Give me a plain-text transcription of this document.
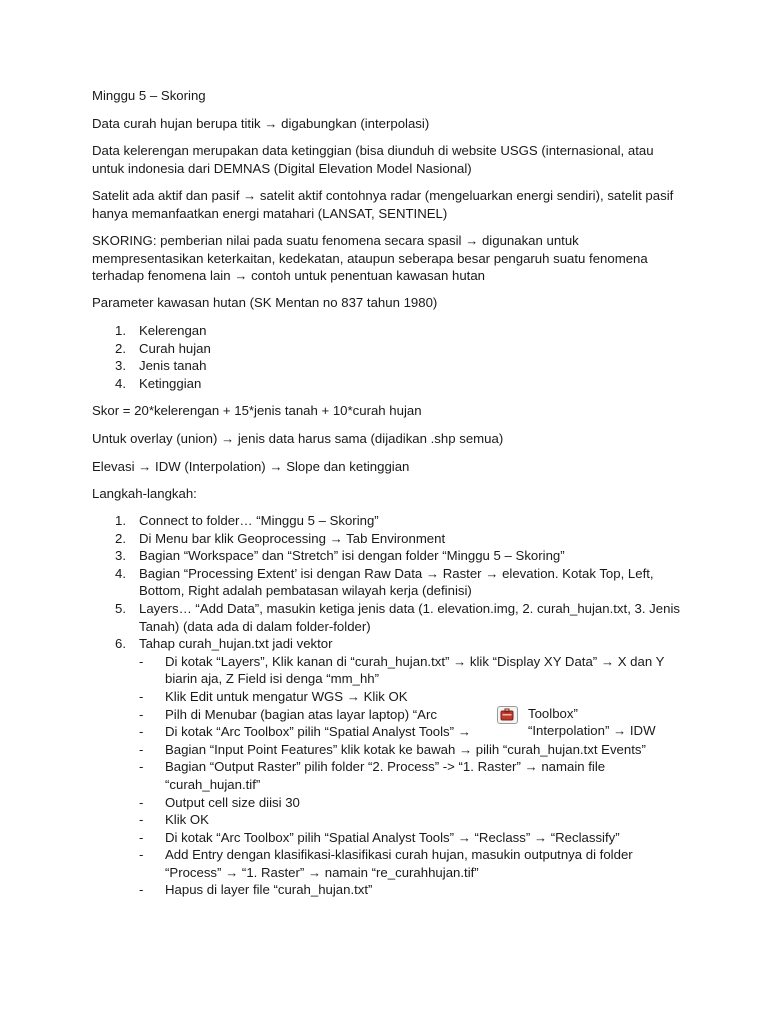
Minggu 5 – Skoring

Data curah hujan berupa titik → digabungkan (interpolasi)

Data kelerengan merupakan data ketinggian (bisa diunduh di website USGS (internasional, atau
untuk indonesia dari DEMNAS (Digital Elevation Model Nasional)

Satelit ada aktif dan pasif → satelit aktif contohnya radar (mengeluarkan energi sendiri), satelit pasif
hanya memanfaatkan energi matahari (LANSAT, SENTINEL)

SKORING: pemberian nilai pada suatu fenomena secara spasil → digunakan untuk
mempresentasikan keterkaitan, kedekatan, ataupun seberapa besar pengaruh suatu fenomena
terhadap fenomena lain → contoh untuk penentuan kawasan hutan

Parameter kawasan hutan (SK Mentan no 837 tahun 1980)

1. Kelerengan
2. Curah hujan
3. Jenis tanah
4. Ketinggian

Skor = 20*kelerengan + 15*jenis tanah + 10*curah hujan

Untuk overlay (union) → jenis data harus sama (dijadikan .shp semua)

Elevasi → IDW (Interpolation) → Slope dan ketinggian

Langkah-langkah:

1. Connect to folder… “Minggu 5 – Skoring”
2. Di Menu bar klik Geoprocessing → Tab Environment
3. Bagian “Workspace” dan “Stretch” isi dengan folder “Minggu 5 – Skoring”
4. Bagian “Processing Extent’ isi dengan Raw Data → Raster → elevation. Kotak Top, Left,
Bottom, Right adalah pembatasan wilayah kerja (definisi)
5. Layers… “Add Data”, masukin ketiga jenis data (1. elevation.img, 2. curah_hujan.txt, 3. Jenis
Tanah) (data ada di dalam folder-folder)
6. Tahap curah_hujan.txt jadi vektor
- Di kotak “Layers”, Klik kanan di “curah_hujan.txt” → klik “Display XY Data” → X dan Y
biarin aja, Z Field isi denga “mm_hh”
- Klik Edit untuk mengatur WGS → Klik OK
- Pilh di Menubar (bagian atas layar laptop) “Arc
- Di kotak “Arc Toolbox” pilih “Spatial Analyst Tools” →
- Bagian “Input Point Features” klik kotak ke bawah → pilih “curah_hujan.txt Events”
- Bagian “Output Raster” pilih folder “2. Process” -> “1. Raster” → namain file
“curah_hujan.tif”
- Output cell size diisi 30
- Klik OK
- Di kotak “Arc Toolbox” pilih “Spatial Analyst Tools” → “Reclass” → “Reclassify”
- Add Entry dengan klasifikasi-klasifikasi curah hujan, masukin outputnya di folder
“Process” → “1. Raster” → namain “re_curahhujan.tif”
- Hapus di layer file “curah_hujan.txt”
Toolbox”
“Interpolation” → IDW
